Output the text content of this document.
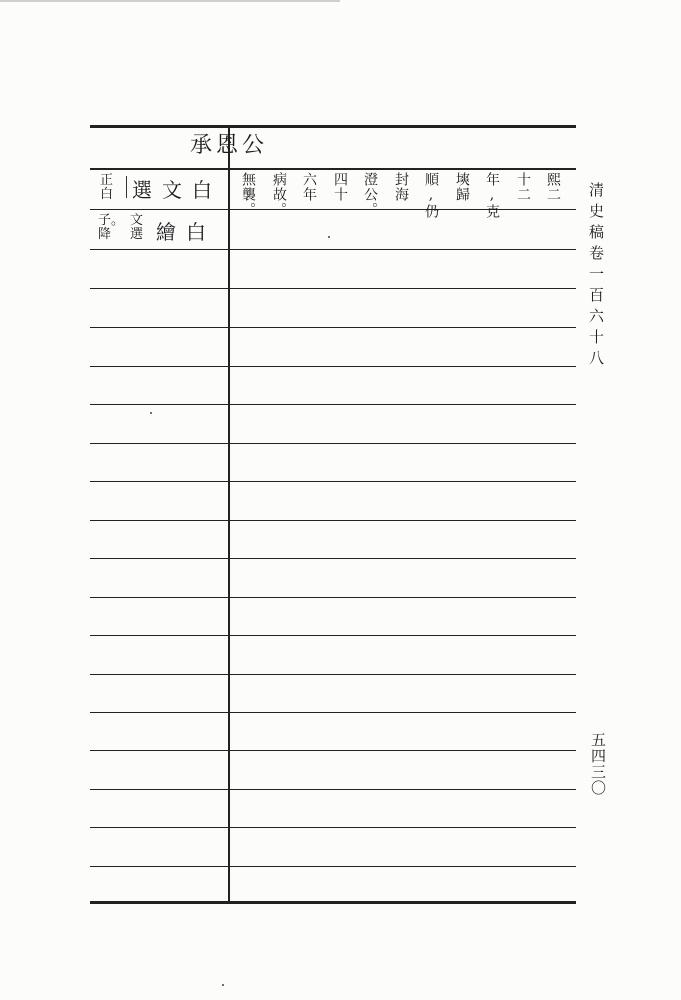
承恩公
正白 白文選
子。降
文選 白繪
熙二
十二
年,克
塽歸
順,仍
封海
澄公。
四十
六年
病故。
無襲。	清史稿卷一百六十八
五四三〇
